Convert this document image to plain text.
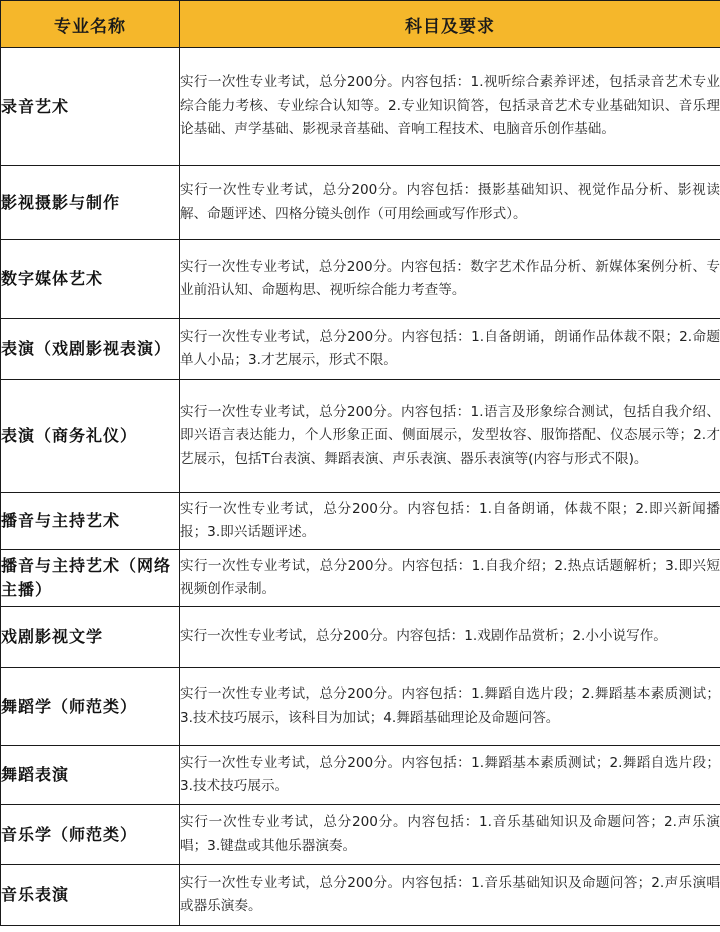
专业名称	科目及要求
录音艺术	实行一次性专业考试，总分200分。内容包括：1.视听综合素养评述，包括录音艺术专业综合能力考核、专业综合认知等。2.专业知识简答，包括录音艺术专业基础知识、音乐理论基础、声学基础、影视录音基础、音响工程技术、电脑音乐创作基础。
影视摄影与制作	实行一次性专业考试，总分200分。内容包括：摄影基础知识、视觉作品分析、影视读解、命题评述、四格分镜头创作（可用绘画或写作形式）。
数字媒体艺术	实行一次性专业考试，总分200分。内容包括：数字艺术作品分析、新媒体案例分析、专业前沿认知、命题构思、视听综合能力考查等。
表演（戏剧影视表演）	实行一次性专业考试，总分200分。内容包括：1.自备朗诵，朗诵作品体裁不限；2.命题单人小品；3.才艺展示，形式不限。
表演（商务礼仪）	实行一次性专业考试，总分200分。内容包括：1.语言及形象综合测试，包括自我介绍、即兴语言表达能力，个人形象正面、侧面展示，发型妆容、服饰搭配、仪态展示等；2.才艺展示，包括T台表演、舞蹈表演、声乐表演、器乐表演等(内容与形式不限)。
播音与主持艺术	实行一次性专业考试，总分200分。内容包括：1.自备朗诵，体裁不限；2.即兴新闻播报；3.即兴话题评述。
播音与主持艺术（网络主播）	实行一次性专业考试，总分200分。内容包括：1.自我介绍；2.热点话题解析；3.即兴短视频创作录制。
戏剧影视文学	实行一次性专业考试，总分200分。内容包括：1.戏剧作品赏析；2.小小说写作。
舞蹈学（师范类）	实行一次性专业考试，总分200分。内容包括：1.舞蹈自选片段；2.舞蹈基本素质测试；3.技术技巧展示，该科目为加试；4.舞蹈基础理论及命题问答。
舞蹈表演	实行一次性专业考试，总分200分。内容包括：1.舞蹈基本素质测试；2.舞蹈自选片段； 3.技术技巧展示。
音乐学（师范类）	实行一次性专业考试，总分200分。内容包括：1.音乐基础知识及命题问答；2.声乐演唱；3.键盘或其他乐器演奏。
音乐表演	实行一次性专业考试，总分200分。内容包括：1.音乐基础知识及命题问答；2.声乐演唱或器乐演奏。
